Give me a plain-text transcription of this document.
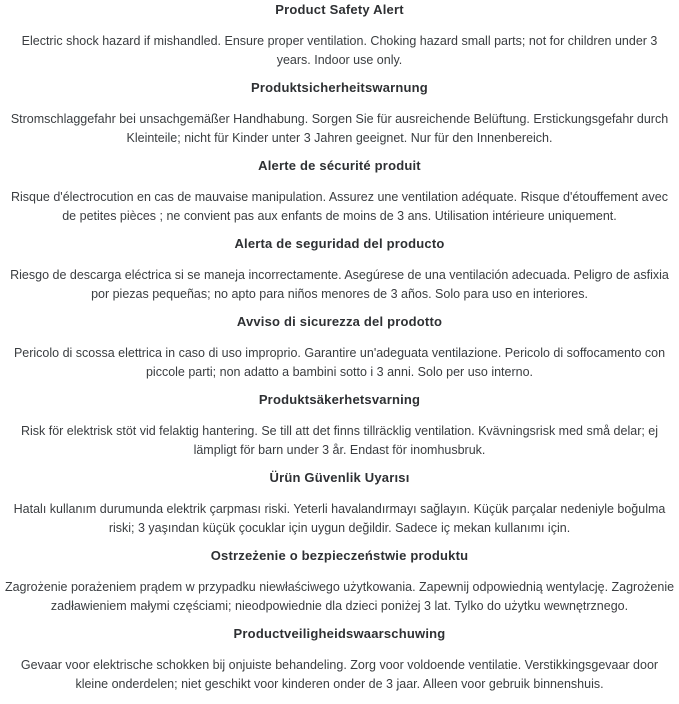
Product Safety Alert

Electric shock hazard if mishandled. Ensure proper ventilation. Choking hazard small parts; not for children under 3 years. Indoor use only.

Produktsicherheitswarnung

Stromschlaggefahr bei unsachgemäßer Handhabung. Sorgen Sie für ausreichende Belüftung. Erstickungsgefahr durch Kleinteile; nicht für Kinder unter 3 Jahren geeignet. Nur für den Innenbereich.

Alerte de sécurité produit

Risque d'électrocution en cas de mauvaise manipulation. Assurez une ventilation adéquate. Risque d'étouffement avec de petites pièces ; ne convient pas aux enfants de moins de 3 ans. Utilisation intérieure uniquement.

Alerta de seguridad del producto

Riesgo de descarga eléctrica si se maneja incorrectamente. Asegúrese de una ventilación adecuada. Peligro de asfixia por piezas pequeñas; no apto para niños menores de 3 años. Solo para uso en interiores.

Avviso di sicurezza del prodotto

Pericolo di scossa elettrica in caso di uso improprio. Garantire un'adeguata ventilazione. Pericolo di soffocamento con piccole parti; non adatto a bambini sotto i 3 anni. Solo per uso interno.

Produktsäkerhetsvarning

Risk för elektrisk stöt vid felaktig hantering. Se till att det finns tillräcklig ventilation. Kvävningsrisk med små delar; ej lämpligt för barn under 3 år. Endast för inomhusbruk.

Ürün Güvenlik Uyarısı

Hatalı kullanım durumunda elektrik çarpması riski. Yeterli havalandırmayı sağlayın. Küçük parçalar nedeniyle boğulma riski; 3 yaşından küçük çocuklar için uygun değildir. Sadece iç mekan kullanımı için.

Ostrzeżenie o bezpieczeństwie produktu

Zagrożenie porażeniem prądem w przypadku niewłaściwego użytkowania. Zapewnij odpowiednią wentylację. Zagrożenie zadławieniem małymi częściami; nieodpowiednie dla dzieci poniżej 3 lat. Tylko do użytku wewnętrznego.

Productveiligheidswaarschuwing

Gevaar voor elektrische schokken bij onjuiste behandeling. Zorg voor voldoende ventilatie. Verstikkingsgevaar door kleine onderdelen; niet geschikt voor kinderen onder de 3 jaar. Alleen voor gebruik binnenshuis.
